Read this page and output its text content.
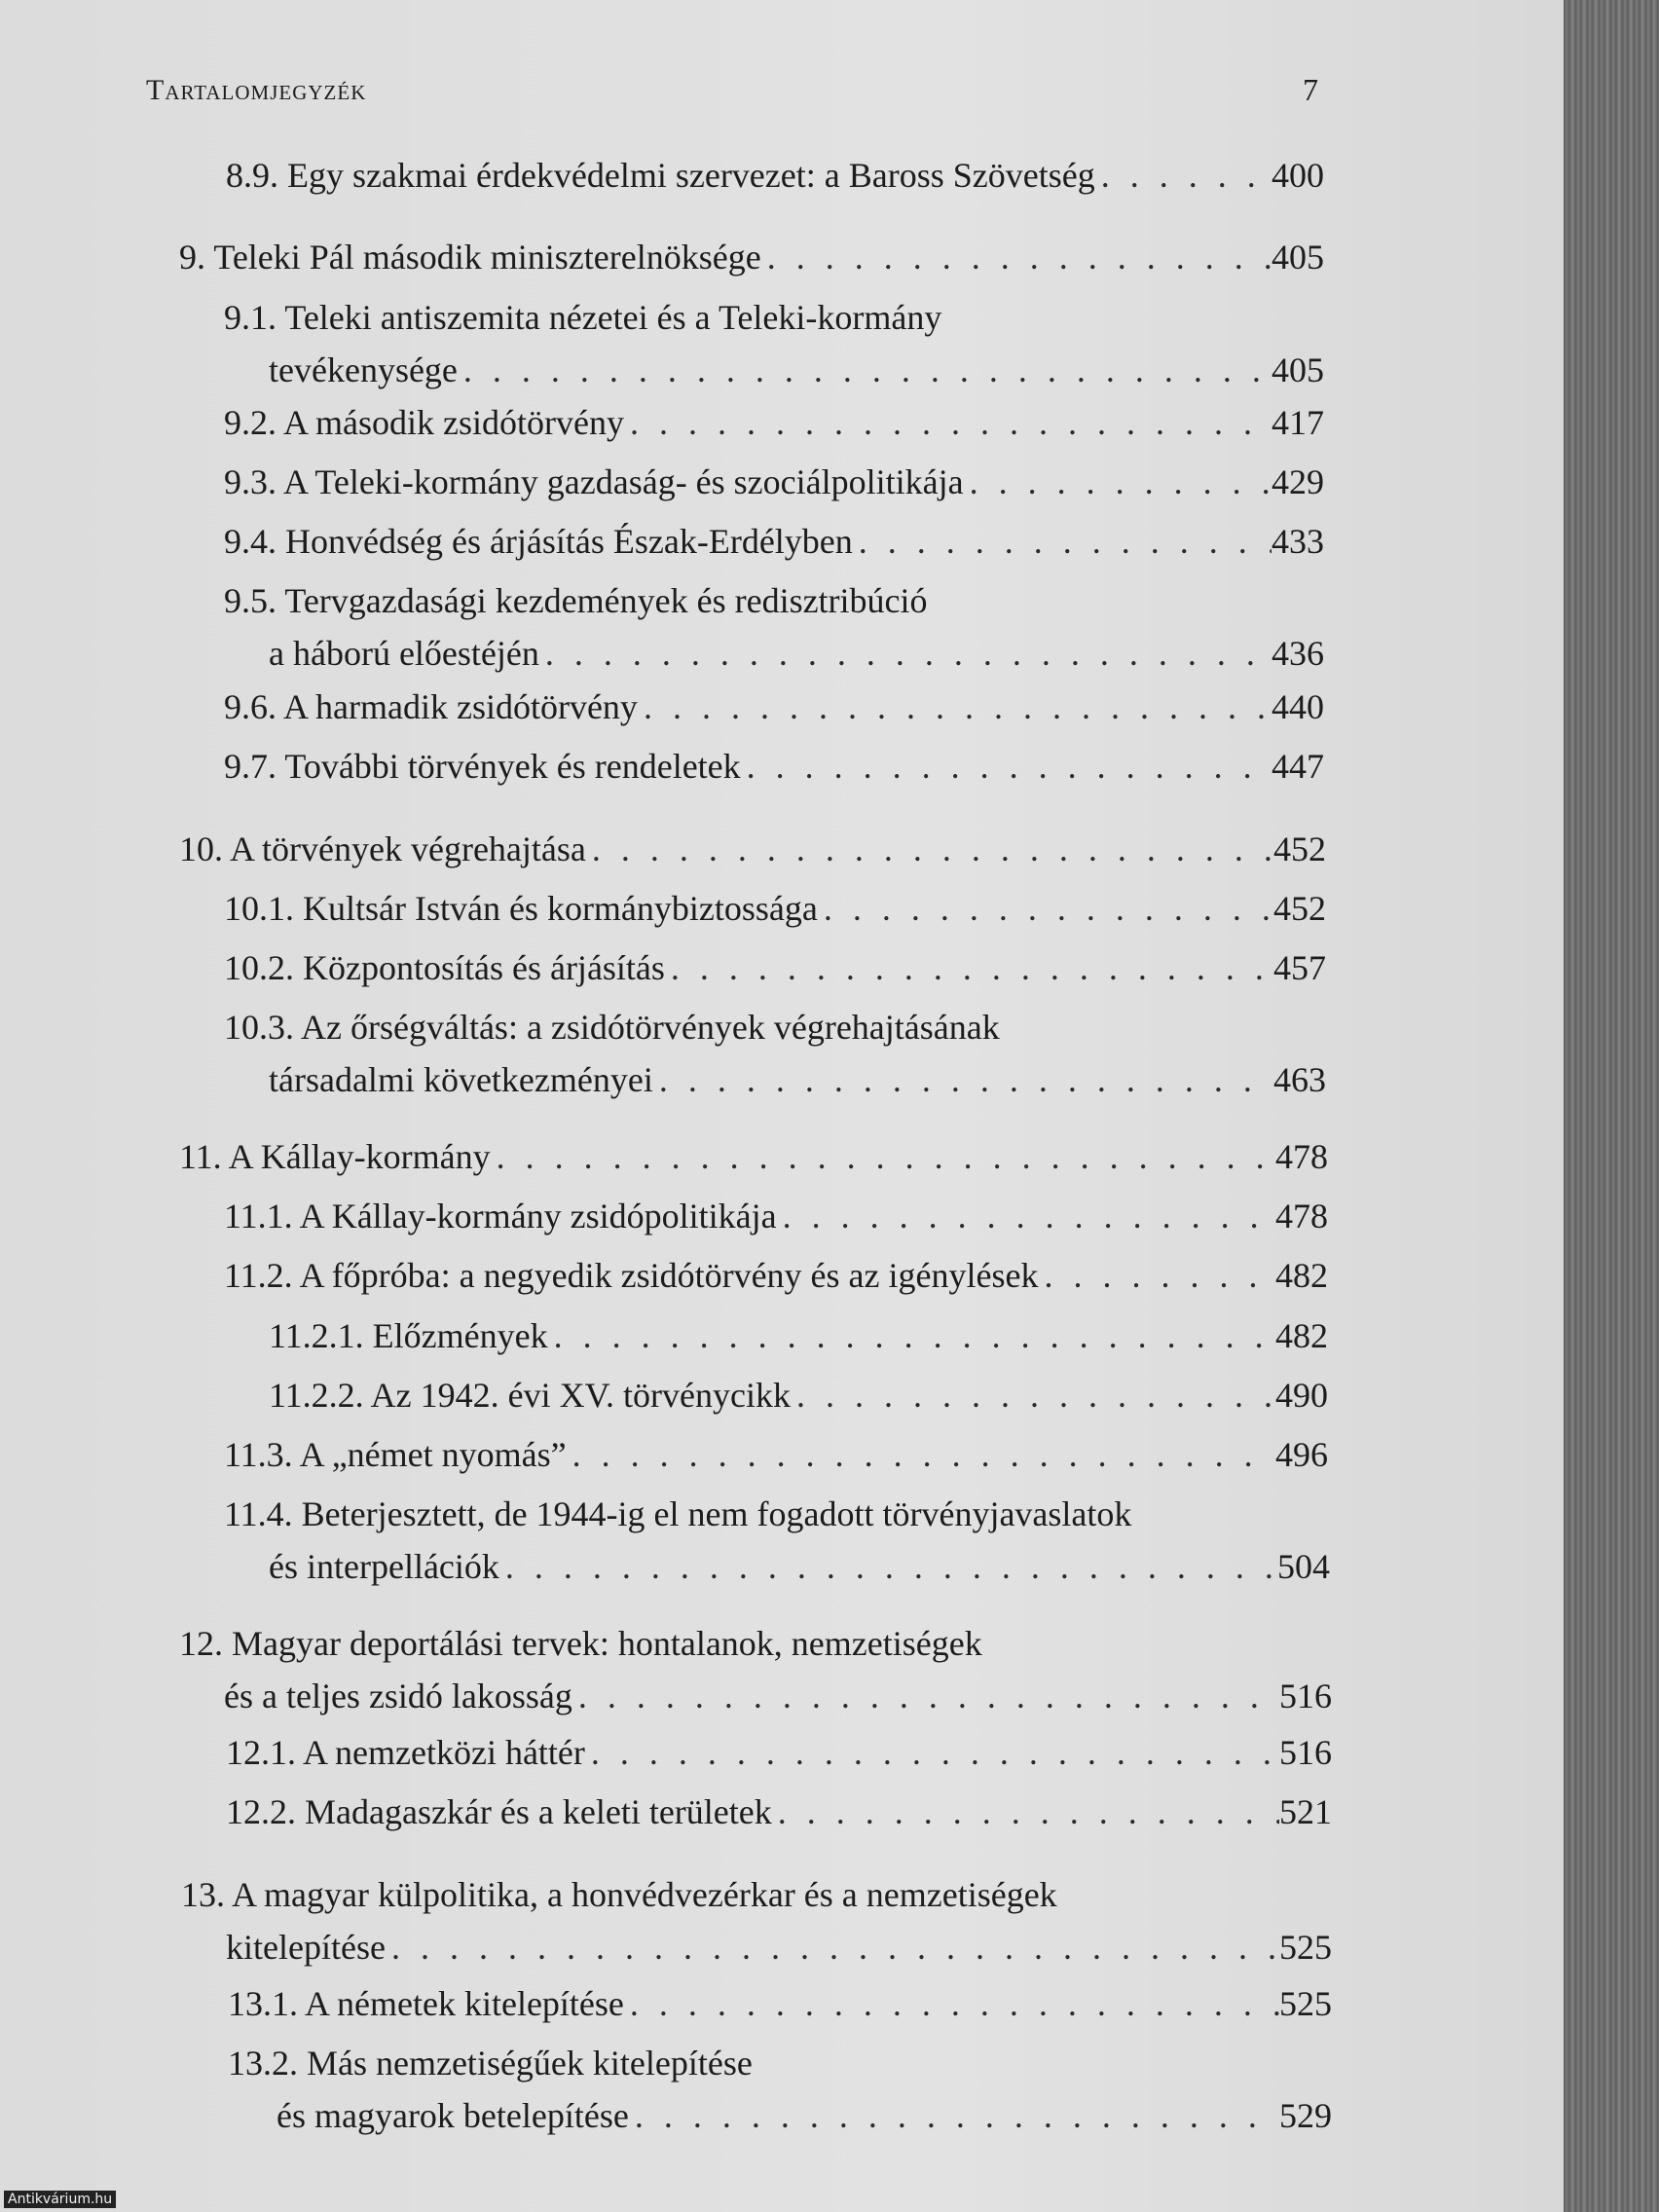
Tartalomjegyzék	7
8.9. Egy szakmai érdekvédelmi szervezet: a Baross Szövetség . . .	400
9. Teleki Pál második miniszterelnöksége . . .	405
9.1. Teleki antiszemita nézetei és a Teleki-kormány
tevékenysége . . .	405
9.2. A második zsidótörvény . . .	417
9.3. A Teleki-kormány gazdaság- és szociálpolitikája . . .	429
9.4. Honvédség és árjásítás Észak-Erdélyben . . .	433
9.5. Tervgazdasági kezdemények és redisztribúció
a háború előestéjén . . .	436
9.6. A harmadik zsidótörvény . . .	440
9.7. További törvények és rendeletek . . .	447
10. A törvények végrehajtása . . .	452
10.1. Kultsár István és kormánybiztossága . . .	452
10.2. Központosítás és árjásítás . . .	457
10.3. Az őrségváltás: a zsidótörvények végrehajtásának
társadalmi következményei . . .	463
11. A Kállay-kormány . . .	478
11.1. A Kállay-kormány zsidópolitikája . . .	478
11.2. A főpróba: a negyedik zsidótörvény és az igénylések . . .	482
11.2.1. Előzmények . . .	482
11.2.2. Az 1942. évi XV. törvénycikk . . .	490
11.3. A „német nyomás” . . .	496
11.4. Beterjesztett, de 1944-ig el nem fogadott törvényjavaslatok
és interpellációk . . .	504
12. Magyar deportálási tervek: hontalanok, nemzetiségek
és a teljes zsidó lakosság . . .	516
12.1. A nemzetközi háttér . . .	516
12.2. Madagaszkár és a keleti területek . . .	521
13. A magyar külpolitika, a honvédvezérkar és a nemzetiségek
kitelepítése . . .	525
13.1. A németek kitelepítése . . .	525
13.2. Más nemzetiségűek kitelepítése
és magyarok betelepítése . . .	529
Antikvárium.hu
